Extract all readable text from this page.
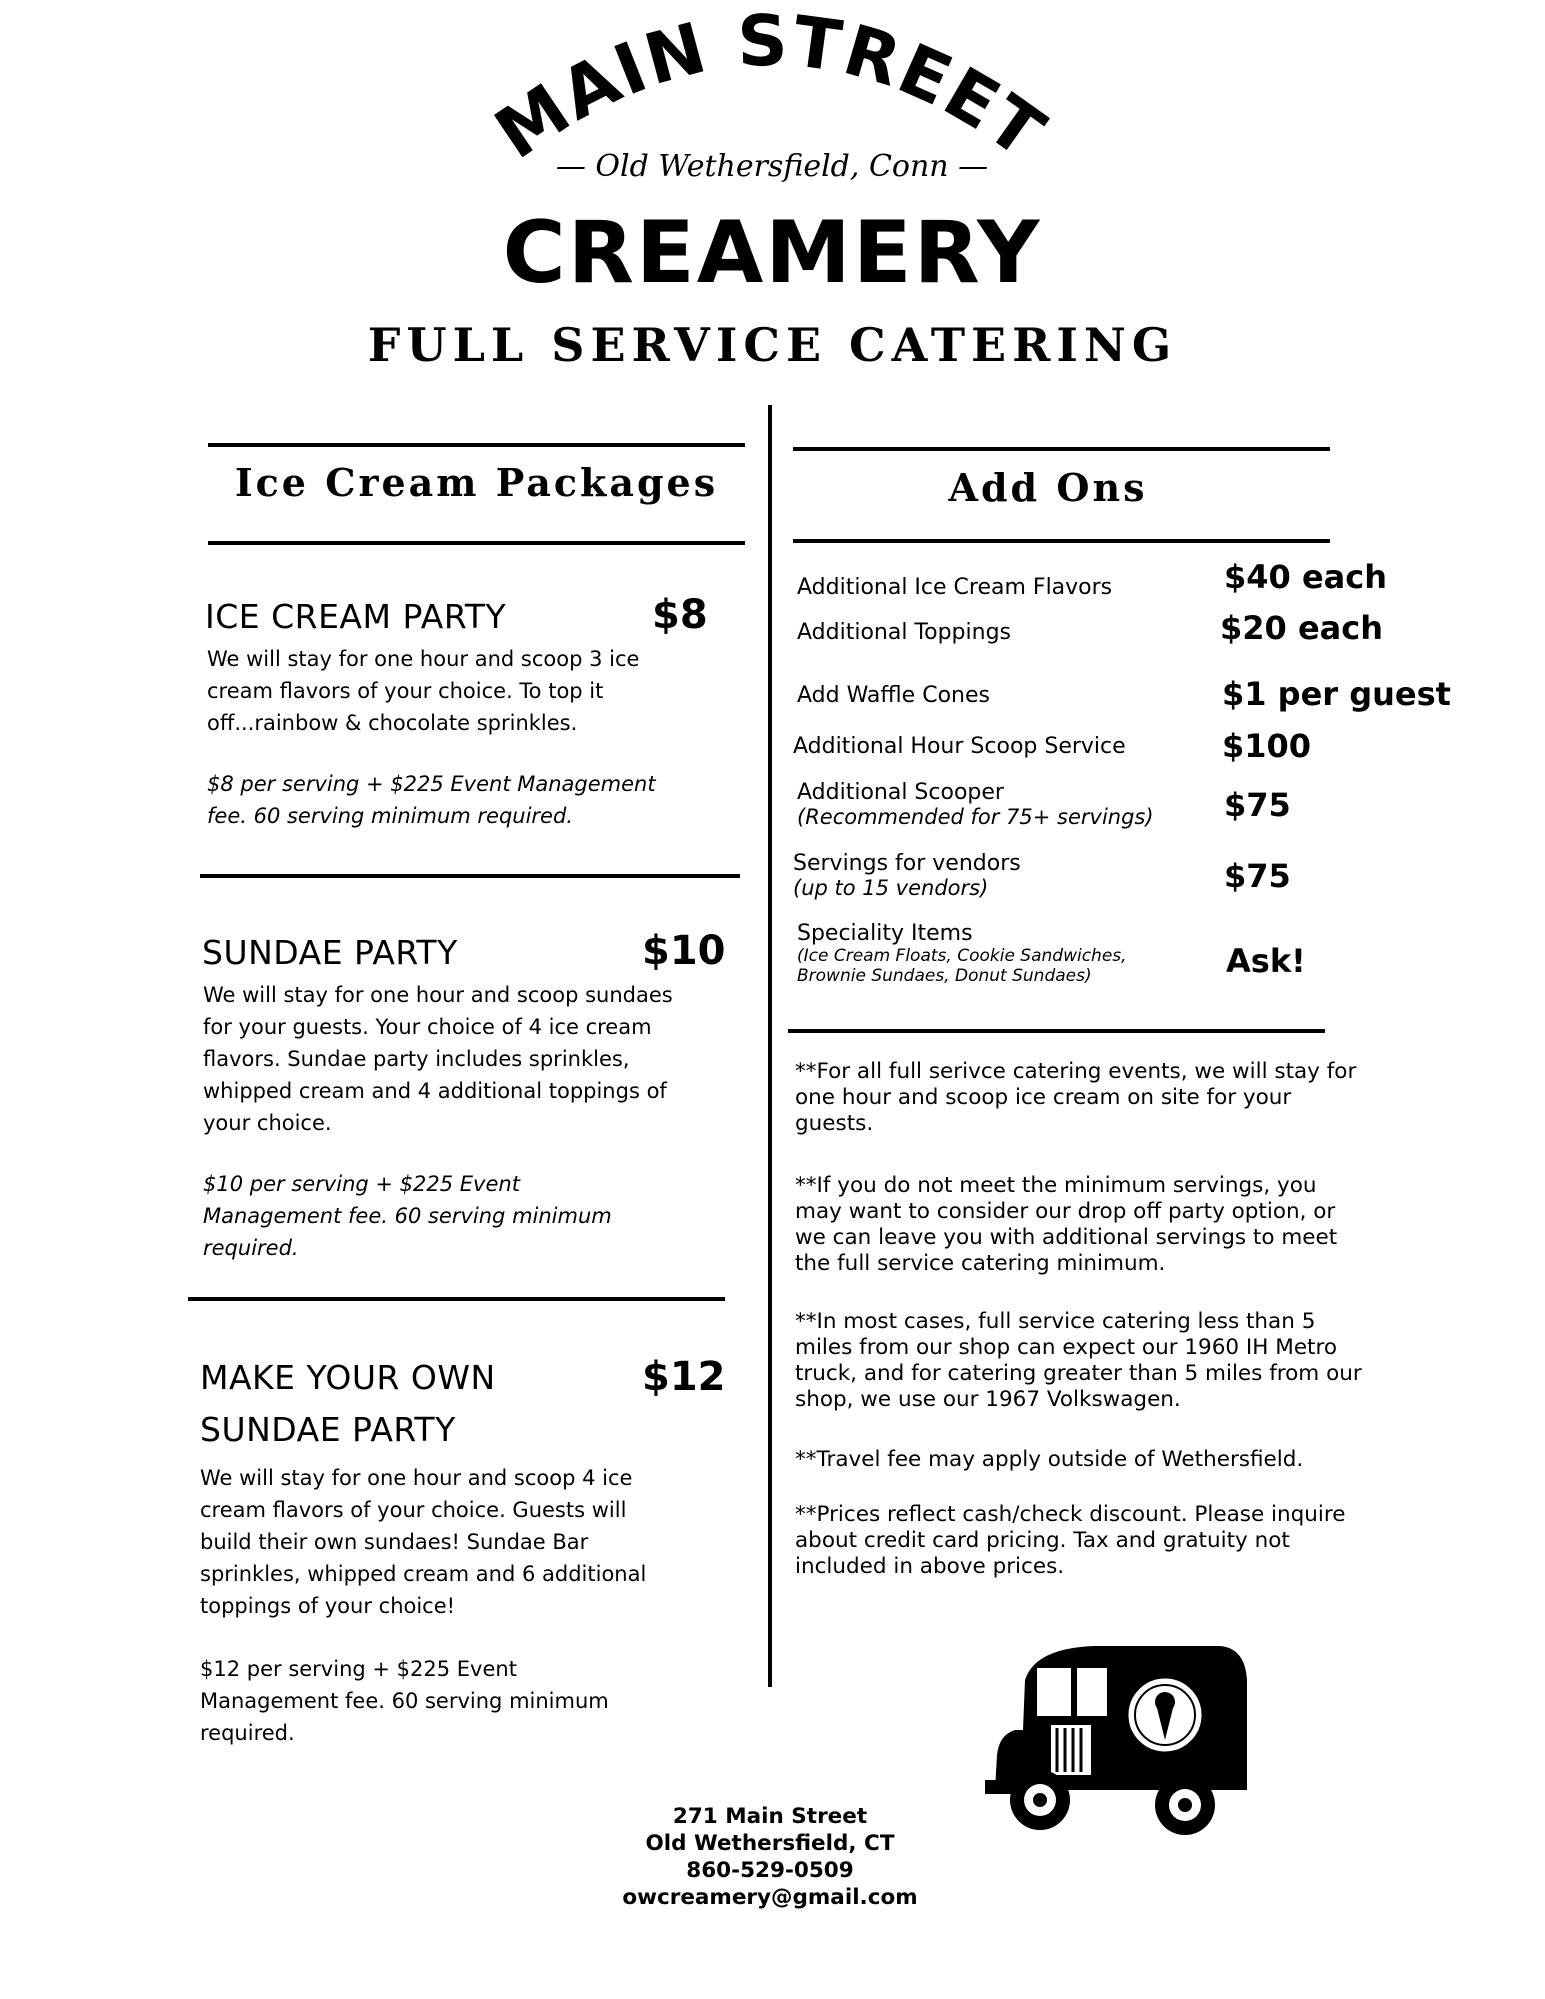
MAIN STREET
— Old Wethersfield, Conn —
CREAMERY
FULL SERVICE CATERING
Ice Cream Packages
ICE CREAM PARTY	$8
We will stay for one hour and scoop 3 ice cream flavors of your choice. To top it off...rainbow & chocolate sprinkles.
$8 per serving + $225 Event Management fee. 60 serving minimum required.
SUNDAE PARTY	$10
We will stay for one hour and scoop sundaes for your guests. Your choice of 4 ice cream flavors. Sundae party includes sprinkles, whipped cream and 4 additional toppings of your choice.
$10 per serving + $225 Event Management fee. 60 serving minimum required.
MAKE YOUR OWN
SUNDAE PARTY
$12
We will stay for one hour and scoop 4 ice cream flavors of your choice. Guests will build their own sundaes! Sundae Bar sprinkles, whipped cream and 6 additional toppings of your choice!
$12 per serving + $225 Event Management fee. 60 serving minimum required.
Add Ons
Additional Ice Cream Flavors	$40 each
Additional Toppings	$20 each
Add Waffle Cones	$1 per guest
Additional Hour Scoop Service	$100
Additional Scooper
(Recommended for 75+ servings) $75
Servings for vendors
(up to 15 vendors)	$75
Speciality Items
(Ice Cream Floats, Cookie Sandwiches, Brownie Sundaes, Donut Sundaes)	Ask!
**For all full serivce catering events, we will stay for one hour and scoop ice cream on site for your guests.
**If you do not meet the minimum servings, you may want to consider our drop off party option, or we can leave you with additional servings to meet the full service catering minimum.
**In most cases, full service catering less than 5 miles from our shop can expect our 1960 IH Metro truck, and for catering greater than 5 miles from our shop, we use our 1967 Volkswagen.
**Travel fee may apply outside of Wethersfield.
**Prices reflect cash/check discount. Please inquire about credit card pricing. Tax and gratuity not included in above prices.
271 Main Street
Old Wethersfield, CT
860-529-0509
owcreamery@gmail.com
